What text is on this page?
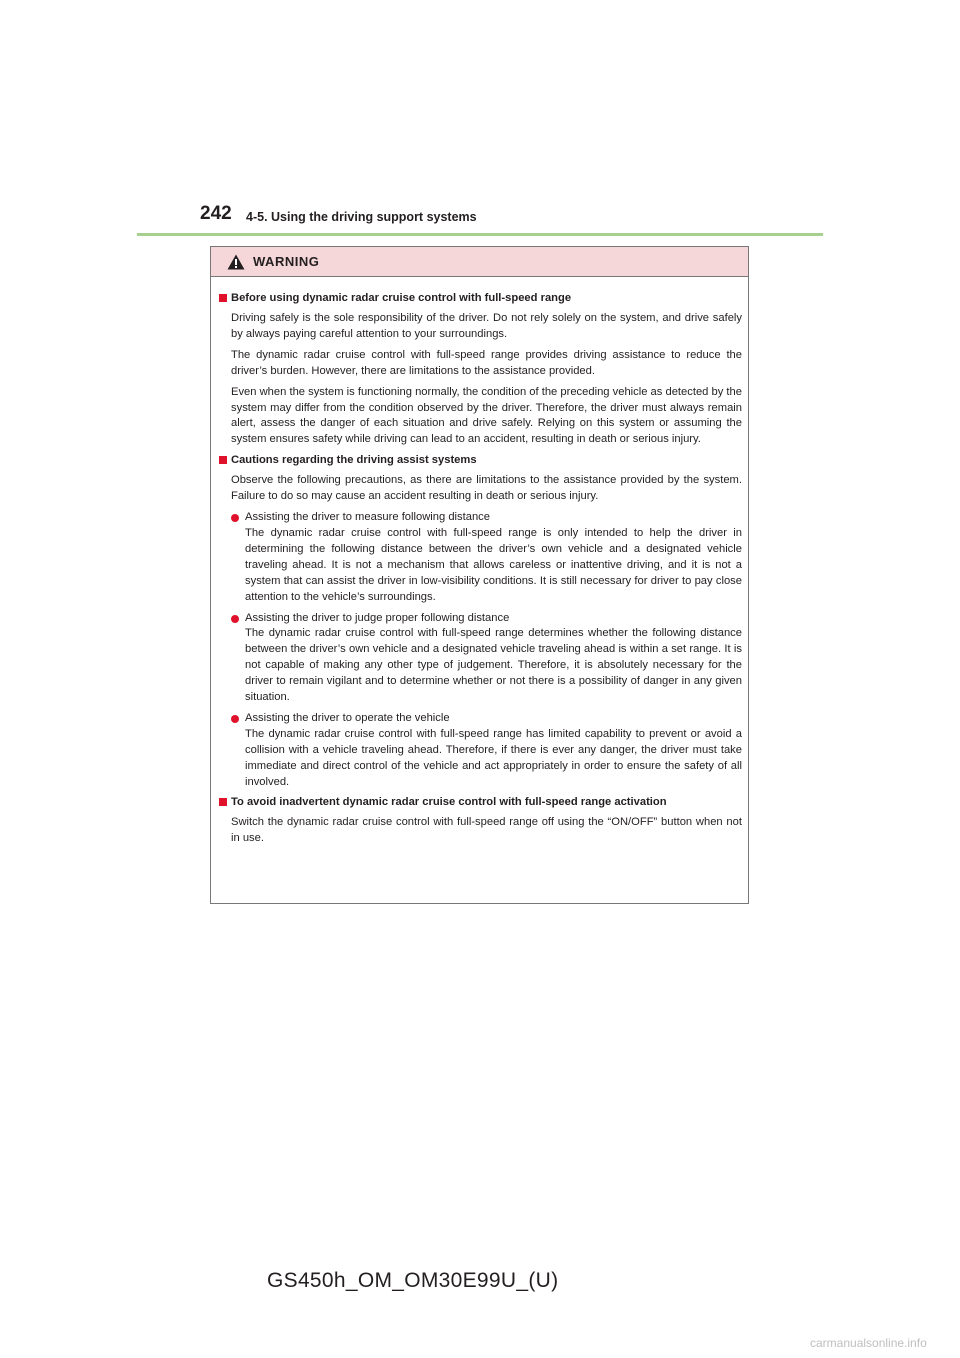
242 4-5. Using the driving support systems
WARNING
Before using dynamic radar cruise control with full-speed range

Driving safely is the sole responsibility of the driver. Do not rely solely on the system, and drive safely by always paying careful attention to your surroundings.

The dynamic radar cruise control with full-speed range provides driving assistance to reduce the driver’s burden. However, there are limitations to the assistance provided.

Even when the system is functioning normally, the condition of the preceding vehicle as detected by the system may differ from the condition observed by the driver. Therefore, the driver must always remain alert, assess the danger of each situation and drive safely. Relying on this system or assuming the system ensures safety while driving can lead to an accident, resulting in death or serious injury.

Cautions regarding the driving assist systems

Observe the following precautions, as there are limitations to the assistance provided by the system. Failure to do so may cause an accident resulting in death or serious injury.

Assisting the driver to measure following distance
The dynamic radar cruise control with full-speed range is only intended to help the driver in determining the following distance between the driver’s own vehicle and a designated vehicle traveling ahead. It is not a mechanism that allows careless or inattentive driving, and it is not a system that can assist the driver in low-visibility conditions. It is still necessary for driver to pay close attention to the vehicle’s surroundings.
Assisting the driver to judge proper following distance
The dynamic radar cruise control with full-speed range determines whether the following distance between the driver’s own vehicle and a designated vehicle traveling ahead is within a set range. It is not capable of making any other type of judgement. Therefore, it is absolutely necessary for the driver to remain vigilant and to determine whether or not there is a possibility of danger in any given situation.
Assisting the driver to operate the vehicle
The dynamic radar cruise control with full-speed range has limited capability to prevent or avoid a collision with a vehicle traveling ahead. Therefore, if there is ever any danger, the driver must take immediate and direct control of the vehicle and act appropriately in order to ensure the safety of all involved.
To avoid inadvertent dynamic radar cruise control with full-speed range activation

Switch the dynamic radar cruise control with full-speed range off using the “ON/OFF” button when not in use.

GS450h_OM_OM30E99U_(U)
carmanualsonline.info
